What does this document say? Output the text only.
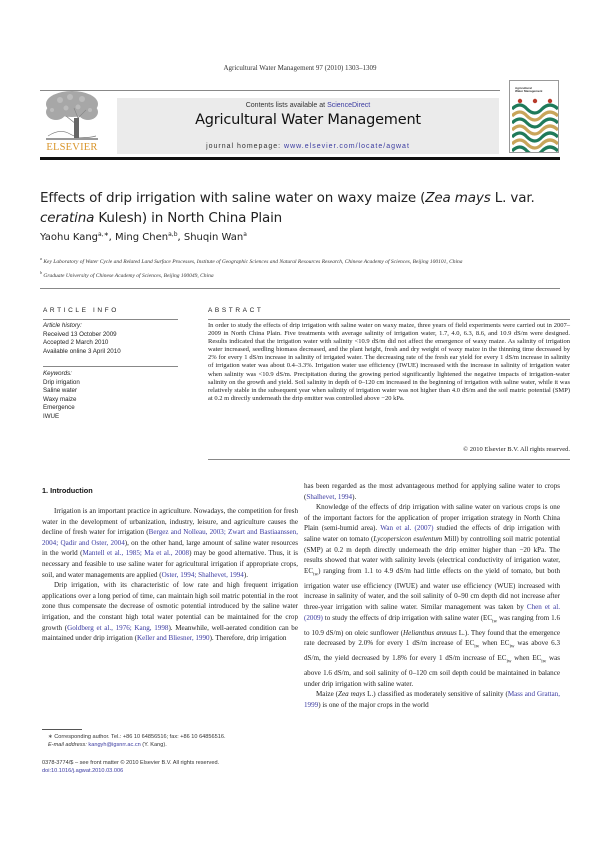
Agricultural Water Management 97 (2010) 1303–1309
ELSEVIER
Contents lists available at ScienceDirect
Agricultural Water Management
journal homepage: www.elsevier.com/locate/agwat
Agricultural
Water Management
Effects of drip irrigation with saline water on waxy maize (Zea mays L. var.
ceratina Kulesh) in North China Plain
Yaohu Kang$^{a,∗}$, Ming Chen$^{a,b}$, Shuqin Wan$^a$
$^a$ Key Laboratory of Water Cycle and Related Land Surface Processes, Institute of Geographic Sciences and Natural Resources Research, Chinese Academy of Sciences, Beijing 100101, China
$^b$ Graduate University of Chinese Academy of Sciences, Beijing 100049, China
ARTICLE INFO	ABSTRACT
Article history:
Received 13 October 2009
Accepted 2 March 2010
Available online 3 April 2010
Keywords:
Drip irrigation
Saline water
Waxy maize
Emergence
IWUE
In order to study the effects of drip irrigation with saline water on waxy maize, three years of field experiments were carried out in 2007–2009 in North China Plain. Five treatments with average salinity of irrigation water, 1.7, 4.0, 6.3, 8.6, and 10.9 dS/m were designed. Results indicated that the irrigation water with salinity <10.9 dS/m did not affect the emergence of waxy maize. As salinity of irrigation water increased, seedling biomass decreased, and the plant height, fresh and dry weight of waxy maize in the thinning time decreased by 2% for every 1 dS/m increase in salinity of irrigated water. The decreasing rate of the fresh ear yield for every 1 dS/m increase in salinity of irrigation water was about 0.4–3.3%. Irrigation water use efficiency (IWUE) increased with the increase in salinity of irrigation water when salinity was <10.9 dS/m. Precipitation during the growing period significantly lightened the negative impacts of irrigation-water salinity on the growth and yield. Soil salinity in depth of 0–120 cm increased in the beginning of irrigation with saline water, while it was relatively stable in the subsequent year when salinity of irrigation water was not higher than 4.0 dS/m and the soil matric potential (SMP) at 0.2 m directly underneath the drip emitter was controlled above −20 kPa.
© 2010 Elsevier B.V. All rights reserved.
1. Introduction

Irrigation is an important practice in agriculture. Nowadays, the competition for fresh water in the development of urbanization, industry, leisure, and agriculture causes the decline of fresh water for irrigation (Bergez and Nolleau, 2003; Zwart and Bastiaanssen, 2004; Qadir and Oster, 2004), on the other hand, large amount of saline water resources in the world (Mantell et al., 1985; Ma et al., 2008) may be good alternative. Thus, it is necessary and feasible to use saline water for agricultural irrigation if appropriate crops, soil, and water managements are applied (Oster, 1994; Shalhevet, 1994).

Drip irrigation, with its characteristic of low rate and high frequent irrigation applications over a long period of time, can maintain high soil matric potential in the root zone thus compensate the decrease of osmotic potential introduced by the saline water irrigation, and the constant high total water potential can be maintained for the crop growth (Goldberg et al., 1976; Kang, 1998). Meanwhile, well-aerated condition can be maintained under drip irrigation (Keller and Bliesner, 1990). Therefore, drip irrigation

has been regarded as the most advantageous method for applying saline water to crops (Shalhevet, 1994).

Knowledge of the effects of drip irrigation with saline water on various crops is one of the important factors for the application of proper irrigation strategy in North China Plain (semi-humid area). Wan et al. (2007) studied the effects of drip irrigation with saline water on tomato (Lycopersicon esulentum Mill) by controlling soil matric potential (SMP) at 0.2 m depth directly underneath the drip emitter higher than −20 kPa. The results showed that water with salinity levels (electrical conductivity of irrigation water, $EC_{iw}$) ranging from 1.1 to 4.9 dS/m had little effects on the yield of tomato, but both irrigation water use efficiency (IWUE) and water use efficiency (WUE) increased with increase in salinity of water, and the soil salinity of 0–90 cm depth did not increase after three-year irrigation with saline water. Similar management was taken by Chen et al. (2009) to study the effects of drip irrigation with saline water ($EC_{iw}$ was ranging from 1.6 to 10.9 dS/m) on oleic sunflower (Helianthus annuus L.). They found that the emergence rate decreased by 2.0% for every 1 dS/m increase of $EC_{iw}$ when $EC_{iw}$ was above 6.3 dS/m, the yield decreased by 1.8% for every 1 dS/m increase of $EC_{iw}$ when $EC_{iw}$ was above 1.6 dS/m, and soil salinity of 0–120 cm soil depth could be maintained in balance under drip irrigation with saline water.

Maize (Zea mays L.) classified as moderately sensitive of salinity (Mass and Grattan, 1999) is one of the major crops in the world

∗ Corresponding author. Tel.: +86 10 64856516; fax: +86 10 64856516.
E-mail address: kangyh@igsnrr.ac.cn (Y. Kang).
0378-3774/$ – see front matter © 2010 Elsevier B.V. All rights reserved.
doi:10.1016/j.agwat.2010.03.006
